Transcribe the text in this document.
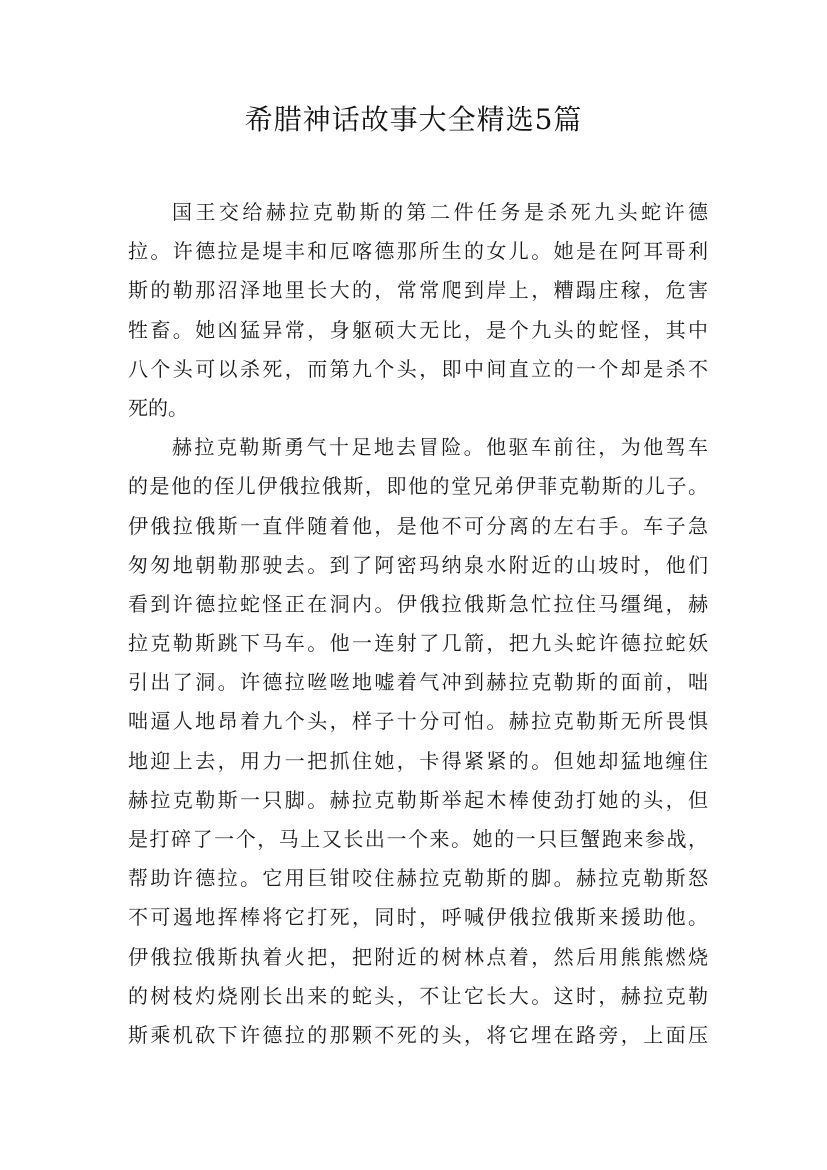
希腊神话故事大全精选5篇
国王交给赫拉克勒斯的第二件任务是杀死九头蛇许德
拉。许德拉是堤丰和厄喀德那所生的女儿。她是在阿耳哥利
斯的勒那沼泽地里长大的，常常爬到岸上，糟蹋庄稼，危害
牲畜。她凶猛异常，身躯硕大无比，是个九头的蛇怪，其中
八个头可以杀死，而第九个头，即中间直立的一个却是杀不
死的。
赫拉克勒斯勇气十足地去冒险。他驱车前往，为他驾车
的是他的侄儿伊俄拉俄斯，即他的堂兄弟伊菲克勒斯的儿子。
伊俄拉俄斯一直伴随着他，是他不可分离的左右手。车子急
匆匆地朝勒那驶去。到了阿密玛纳泉水附近的山坡时，他们
看到许德拉蛇怪正在洞内。伊俄拉俄斯急忙拉住马缰绳，赫
拉克勒斯跳下马车。他一连射了几箭，把九头蛇许德拉蛇妖
引出了洞。许德拉咝咝地嘘着气冲到赫拉克勒斯的面前，咄
咄逼人地昂着九个头，样子十分可怕。赫拉克勒斯无所畏惧
地迎上去，用力一把抓住她，卡得紧紧的。但她却猛地缠住
赫拉克勒斯一只脚。赫拉克勒斯举起木棒使劲打她的头，但
是打碎了一个，马上又长出一个来。她的一只巨蟹跑来参战，
帮助许德拉。它用巨钳咬住赫拉克勒斯的脚。赫拉克勒斯怒
不可遏地挥棒将它打死，同时，呼喊伊俄拉俄斯来援助他。
伊俄拉俄斯执着火把，把附近的树林点着，然后用熊熊燃烧
的树枝灼烧刚长出来的蛇头，不让它长大。这时，赫拉克勒
斯乘机砍下许德拉的那颗不死的头，将它埋在路旁，上面压
